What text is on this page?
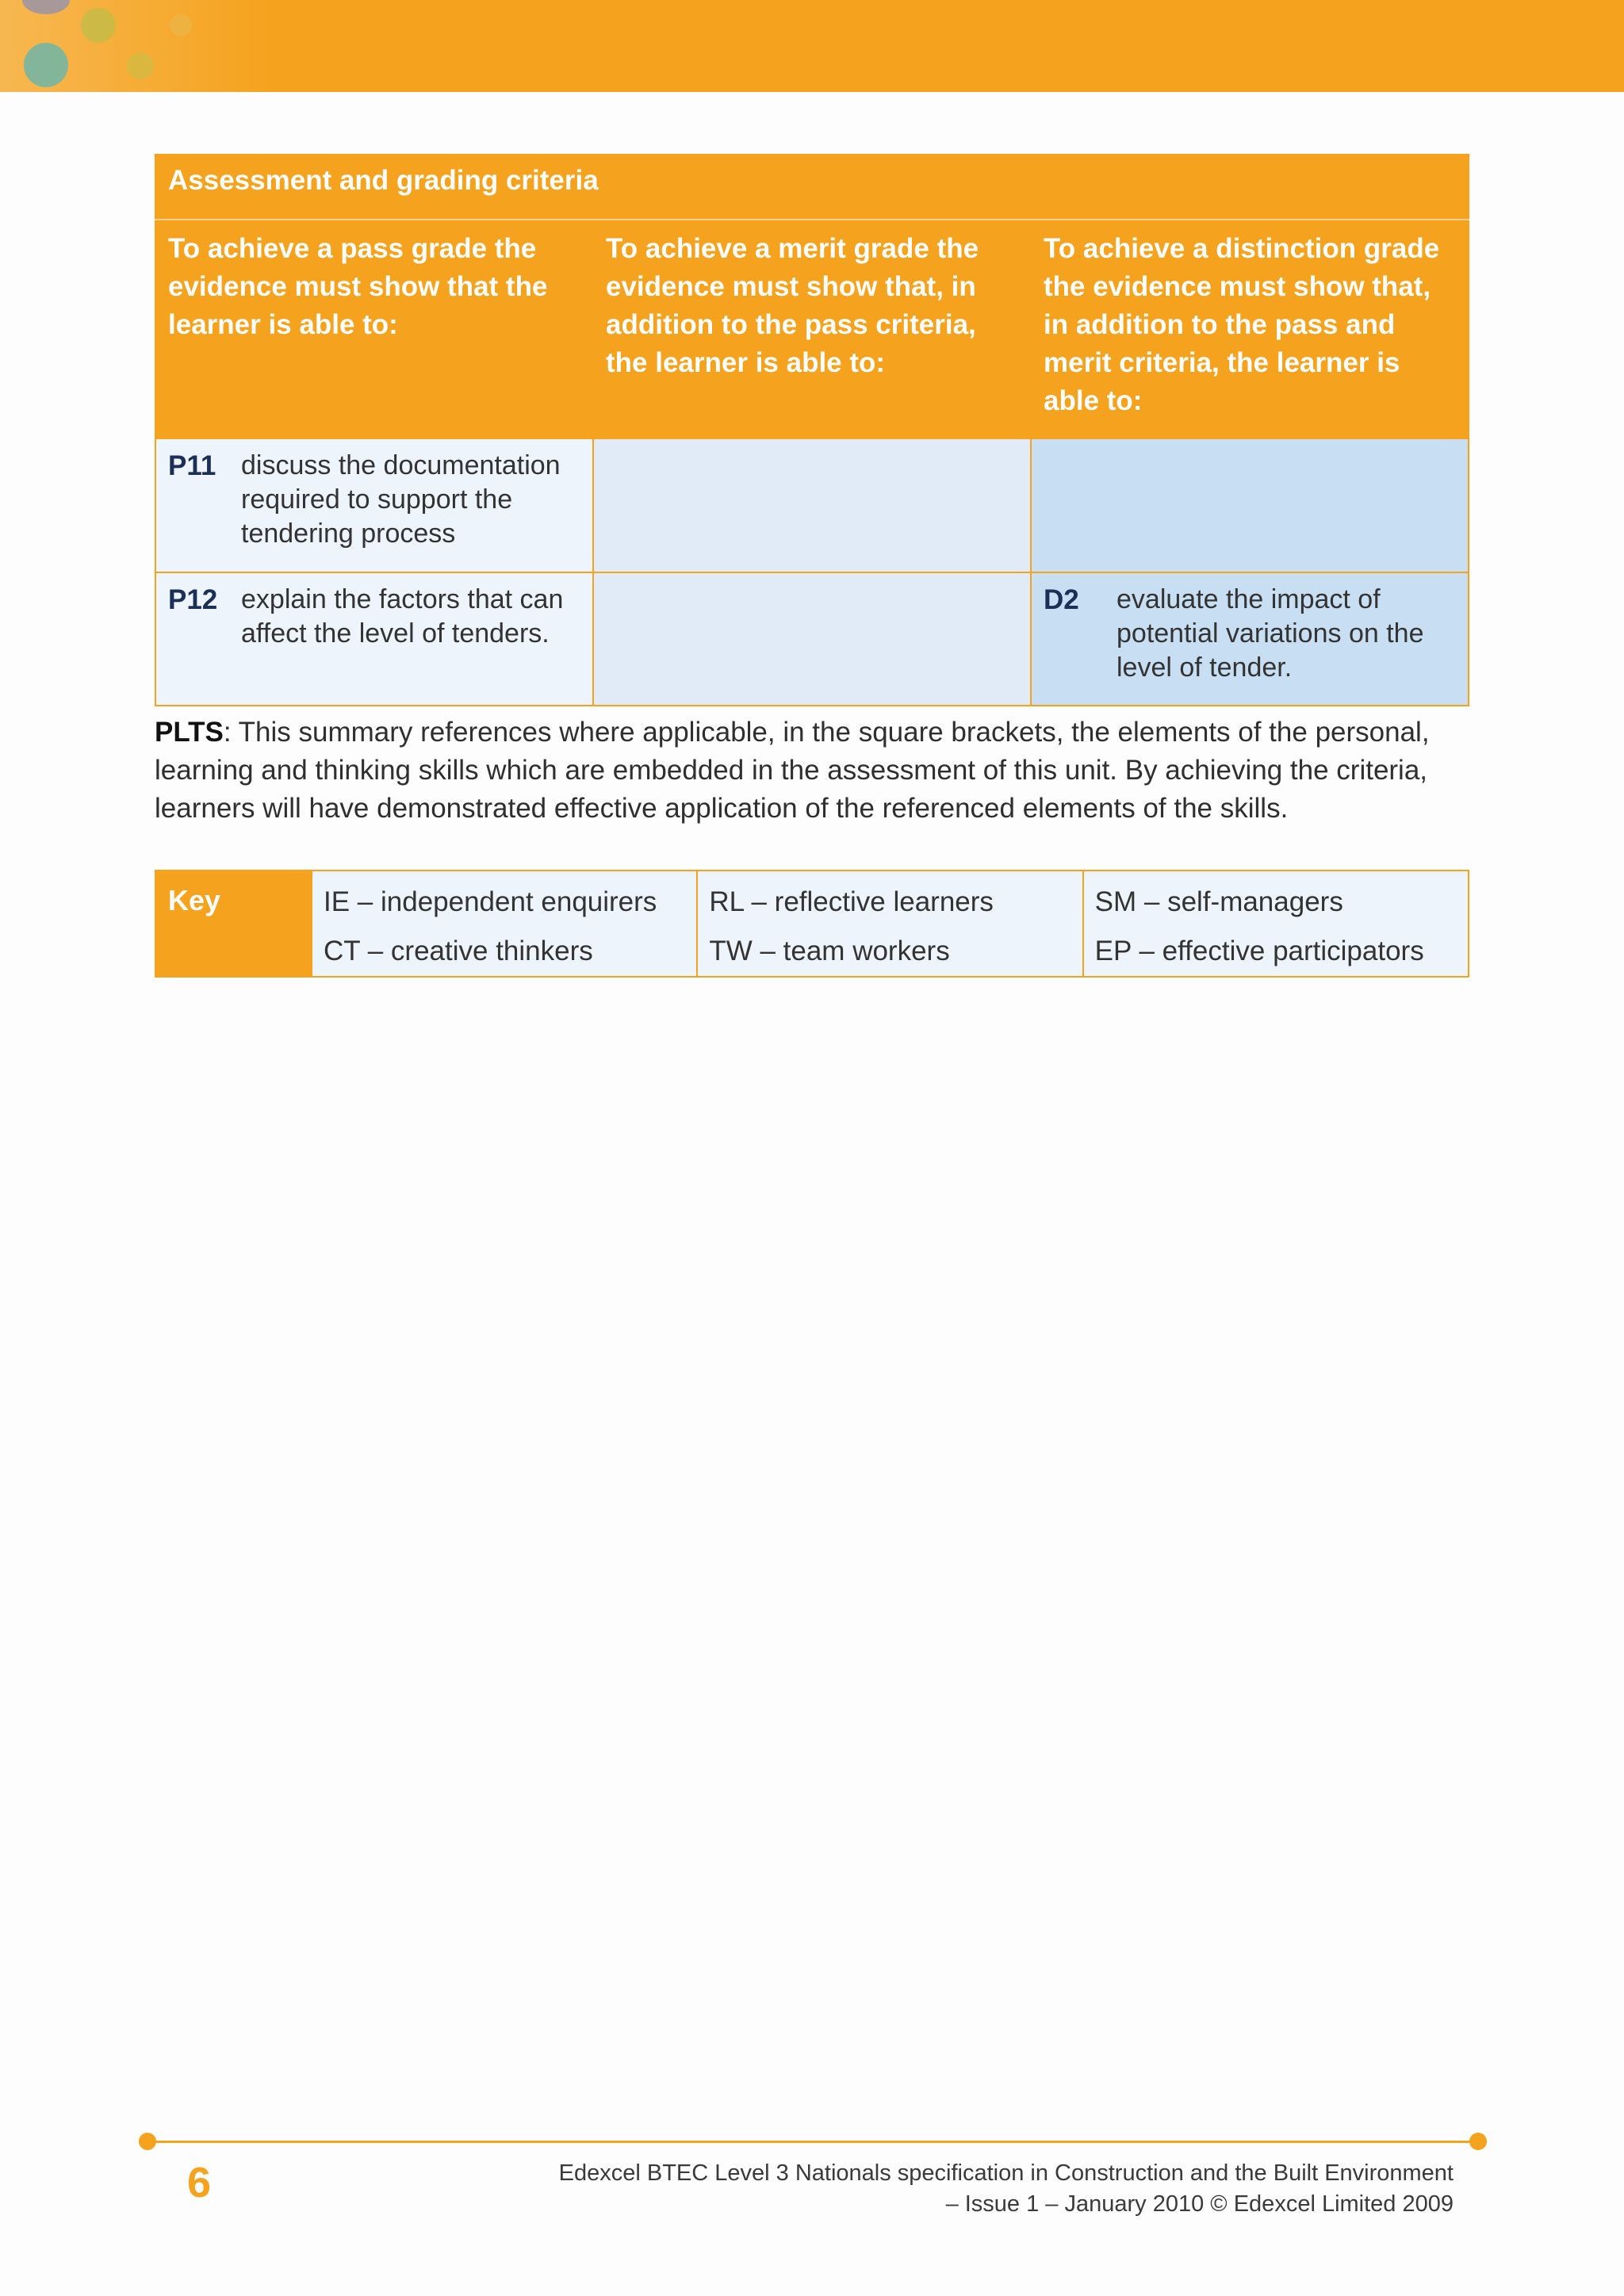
Assessment and grading criteria		
To achieve a pass grade the evidence must show that the learner is able to:	To achieve a merit grade the evidence must show that, in addition to the pass criteria, the learner is able to:	To achieve a distinction grade the evidence must show that, in addition to the pass and merit criteria, the learner is able to:

P11 discuss the documentation required to support the tendering process		

P12 explain the factors that can affect the level of tenders.		D2 evaluate the impact of potential variations on the level of tender.

PLTS: This summary references where applicable, in the square brackets, the elements of the personal, learning and thinking skills which are embedded in the assessment of this unit. By achieving the criteria, learners will have demonstrated effective application of the referenced elements of the skills.

Key	IE – independent enquirers
CT – creative thinkers

RL – reflective learners
TW – team workers

SM – self-managers
EP – effective participators
6	Edexcel BTEC Level 3 Nationals specification in Construction and the Built Environment
– Issue 1 – January 2010 © Edexcel Limited 2009
